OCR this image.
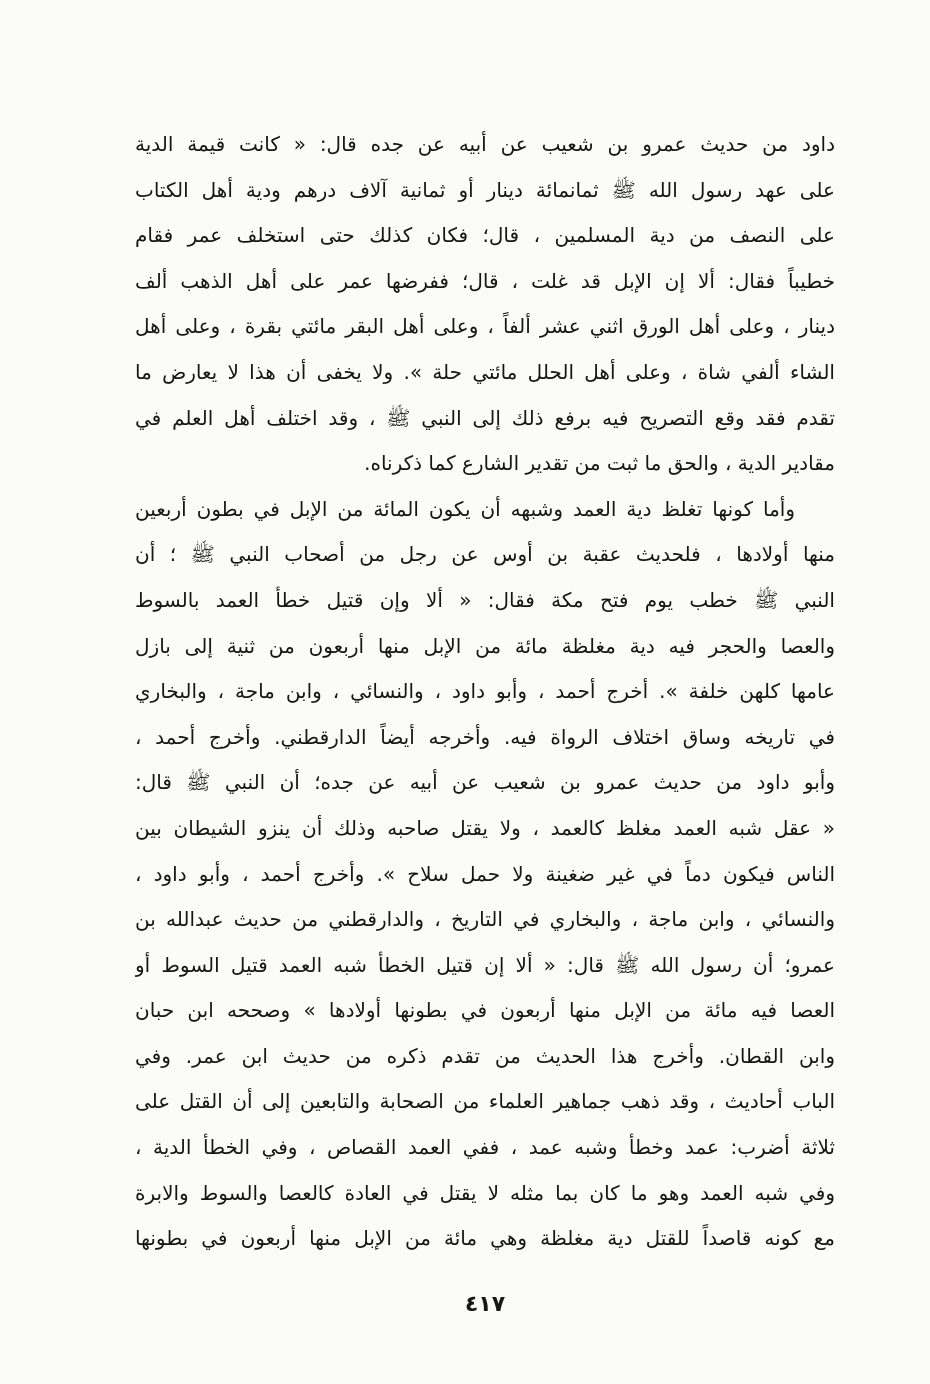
داود من حديث عمرو بن شعيب عن أبيه عن جده قال: « كانت قيمة الدية
على عهد رسول الله ﷺ ثمانمائة دينار أو ثمانية آلاف درهم ودية أهل الكتاب
على النصف من دية المسلمين ، قال؛ فكان كذلك حتى استخلف عمر فقام
خطيباً فقال: ألا إن الإبل قد غلت ، قال؛ ففرضها عمر على أهل الذهب ألف
دينار ، وعلى أهل الورق اثني عشر ألفاً ، وعلى أهل البقر مائتي بقرة ، وعلى أهل
الشاء ألفي شاة ، وعلى أهل الحلل مائتي حلة ». ولا يخفى أن هذا لا يعارض ما
تقدم فقد وقع التصريح فيه برفع ذلك إلى النبي ﷺ ، وقد اختلف أهل العلم في
مقادير الدية ، والحق ما ثبت من تقدير الشارع كما ذكرناه.
وأما كونها تغلظ دية العمد وشبهه أن يكون المائة من الإبل في بطون أربعين
منها أولادها ، فلحديث عقبة بن أوس عن رجل من أصحاب النبي ﷺ ؛ أن
النبي ﷺ خطب يوم فتح مكة فقال: « ألا وإن قتيل خطأ العمد بالسوط
والعصا والحجر فيه دية مغلظة مائة من الإبل منها أربعون من ثنية إلى بازل
عامها كلهن خلفة ». أخرج أحمد ، وأبو داود ، والنسائي ، وابن ماجة ، والبخاري
في تاريخه وساق اختلاف الرواة فيه. وأخرجه أيضاً الدارقطني. وأخرج أحمد ،
وأبو داود من حديث عمرو بن شعيب عن أبيه عن جده؛ أن النبي ﷺ قال:
« عقل شبه العمد مغلظ كالعمد ، ولا يقتل صاحبه وذلك أن ينزو الشيطان بين
الناس فيكون دماً في غير ضغينة ولا حمل سلاح ». وأخرج أحمد ، وأبو داود ،
والنسائي ، وابن ماجة ، والبخاري في التاريخ ، والدارقطني من حديث عبدالله بن
عمرو؛ أن رسول الله ﷺ قال: « ألا إن قتيل الخطأ شبه العمد قتيل السوط أو
العصا فيه مائة من الإبل منها أربعون في بطونها أولادها » وصححه ابن حبان
وابن القطان. وأخرج هذا الحديث من تقدم ذكره من حديث ابن عمر. وفي
الباب أحاديث ، وقد ذهب جماهير العلماء من الصحابة والتابعين إلى أن القتل على
ثلاثة أضرب: عمد وخطأ وشبه عمد ، ففي العمد القصاص ، وفي الخطأ الدية ،
وفي شبه العمد وهو ما كان بما مثله لا يقتل في العادة كالعصا والسوط والابرة
مع كونه قاصداً للقتل دية مغلظة وهي مائة من الإبل منها أربعون في بطونها
٤١٧
